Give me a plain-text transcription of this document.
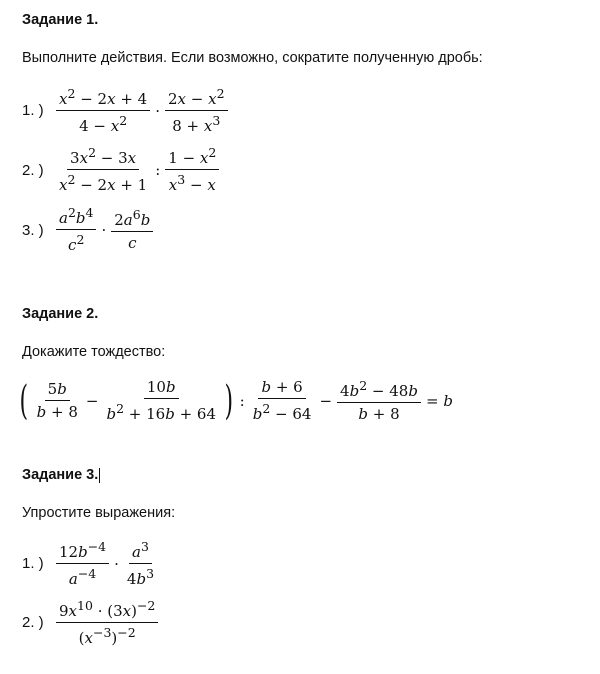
Задание 1.
Выполните действия. Если возможно, сократите полученную дробь:
1. ) $\frac{x^2 - 2x + 4}{4 - x^2} \cdot \frac{2x - x^2}{8 + x^3}$
2. ) $\frac{3x^2 - 3x}{x^2 - 2x + 1}$ : $\frac{1 - x^2}{x^3 - x}$
3. ) $\frac{a^2b^4}{c^2} \cdot \frac{2a^6b}{c}$
Задание 2.
Докажите тождество:
( $\frac{5b}{b + 8} - \frac{10b}{b^2 + 16b + 64}$ ) : $\frac{b + 6}{b^2 - 64} - \frac{4b^2 - 48b}{b + 8} = b$
Задание 3.
Упростите выражения:
1. ) $\frac{12b^{-4}}{a^{-4}} \cdot \frac{a^3}{4b^3}$
2. ) $\frac{9x^{10} \cdot (3x)^{-2}}{(x^{-3})^{-2}}$
